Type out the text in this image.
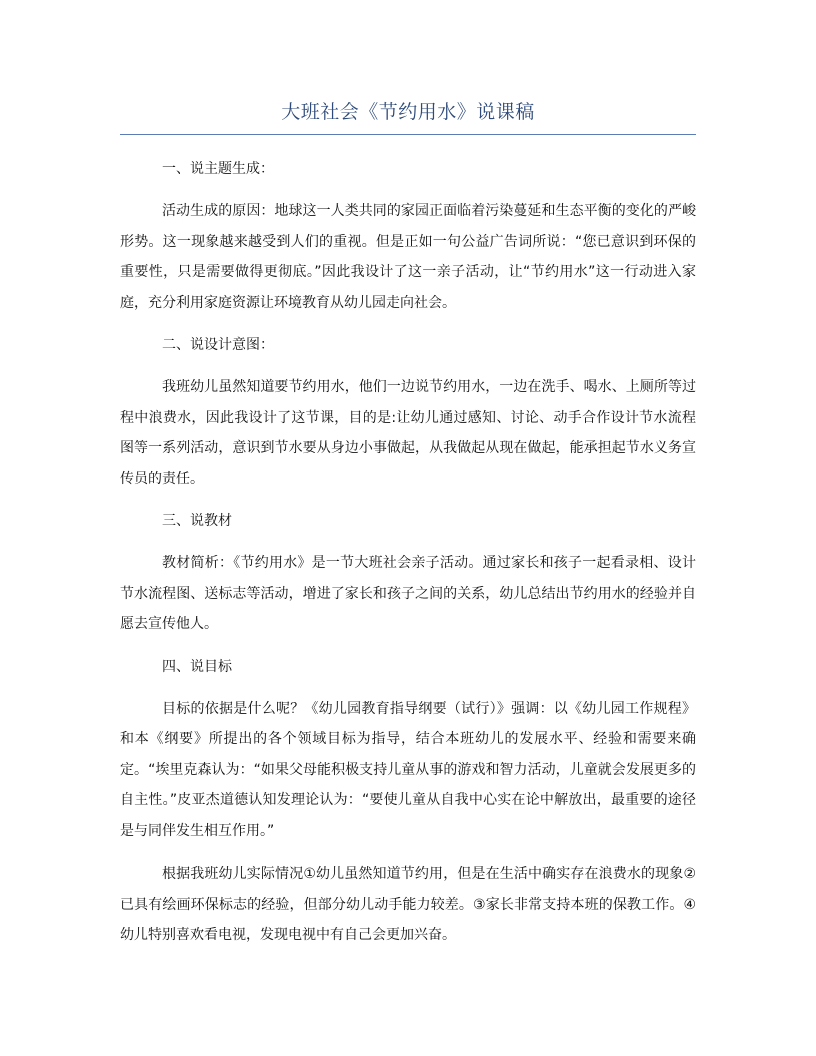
大班社会《节约用水》说课稿

一、说主题生成：

活动生成的原因：地球这一人类共同的家园正面临着污染蔓延和生态平衡的变化的严峻形势。这一现象越来越受到人们的重视。但是正如一句公益广告词所说：“您已意识到环保的重要性，只是需要做得更彻底。”因此我设计了这一亲子活动，让“节约用水”这一行动进入家庭，充分利用家庭资源让环境教育从幼儿园走向社会。

二、说设计意图：

我班幼儿虽然知道要节约用水，他们一边说节约用水，一边在洗手、喝水、上厕所等过程中浪费水，因此我设计了这节课，目的是:让幼儿通过感知、讨论、动手合作设计节水流程图等一系列活动，意识到节水要从身边小事做起，从我做起从现在做起，能承担起节水义务宣传员的责任。

三、说教材

教材简析：《节约用水》是一节大班社会亲子活动。通过家长和孩子一起看录相、设计节水流程图、送标志等活动，增进了家长和孩子之间的关系，幼儿总结出节约用水的经验并自愿去宣传他人。

四、说目标

目标的依据是什么呢？《幼儿园教育指导纲要（试行）》强调：以《幼儿园工作规程》和本《纲要》所提出的各个领域目标为指导，结合本班幼儿的发展水平、经验和需要来确定。“埃里克森认为：“如果父母能积极支持儿童从事的游戏和智力活动，儿童就会发展更多的自主性。”皮亚杰道德认知发理论认为：“要使儿童从自我中心实在论中解放出，最重要的途径是与同伴发生相互作用。”

根据我班幼儿实际情况①幼儿虽然知道节约用，但是在生活中确实存在浪费水的现象②已具有绘画环保标志的经验，但部分幼儿动手能力较差。③家长非常支持本班的保教工作。④幼儿特别喜欢看电视，发现电视中有自己会更加兴奋。
